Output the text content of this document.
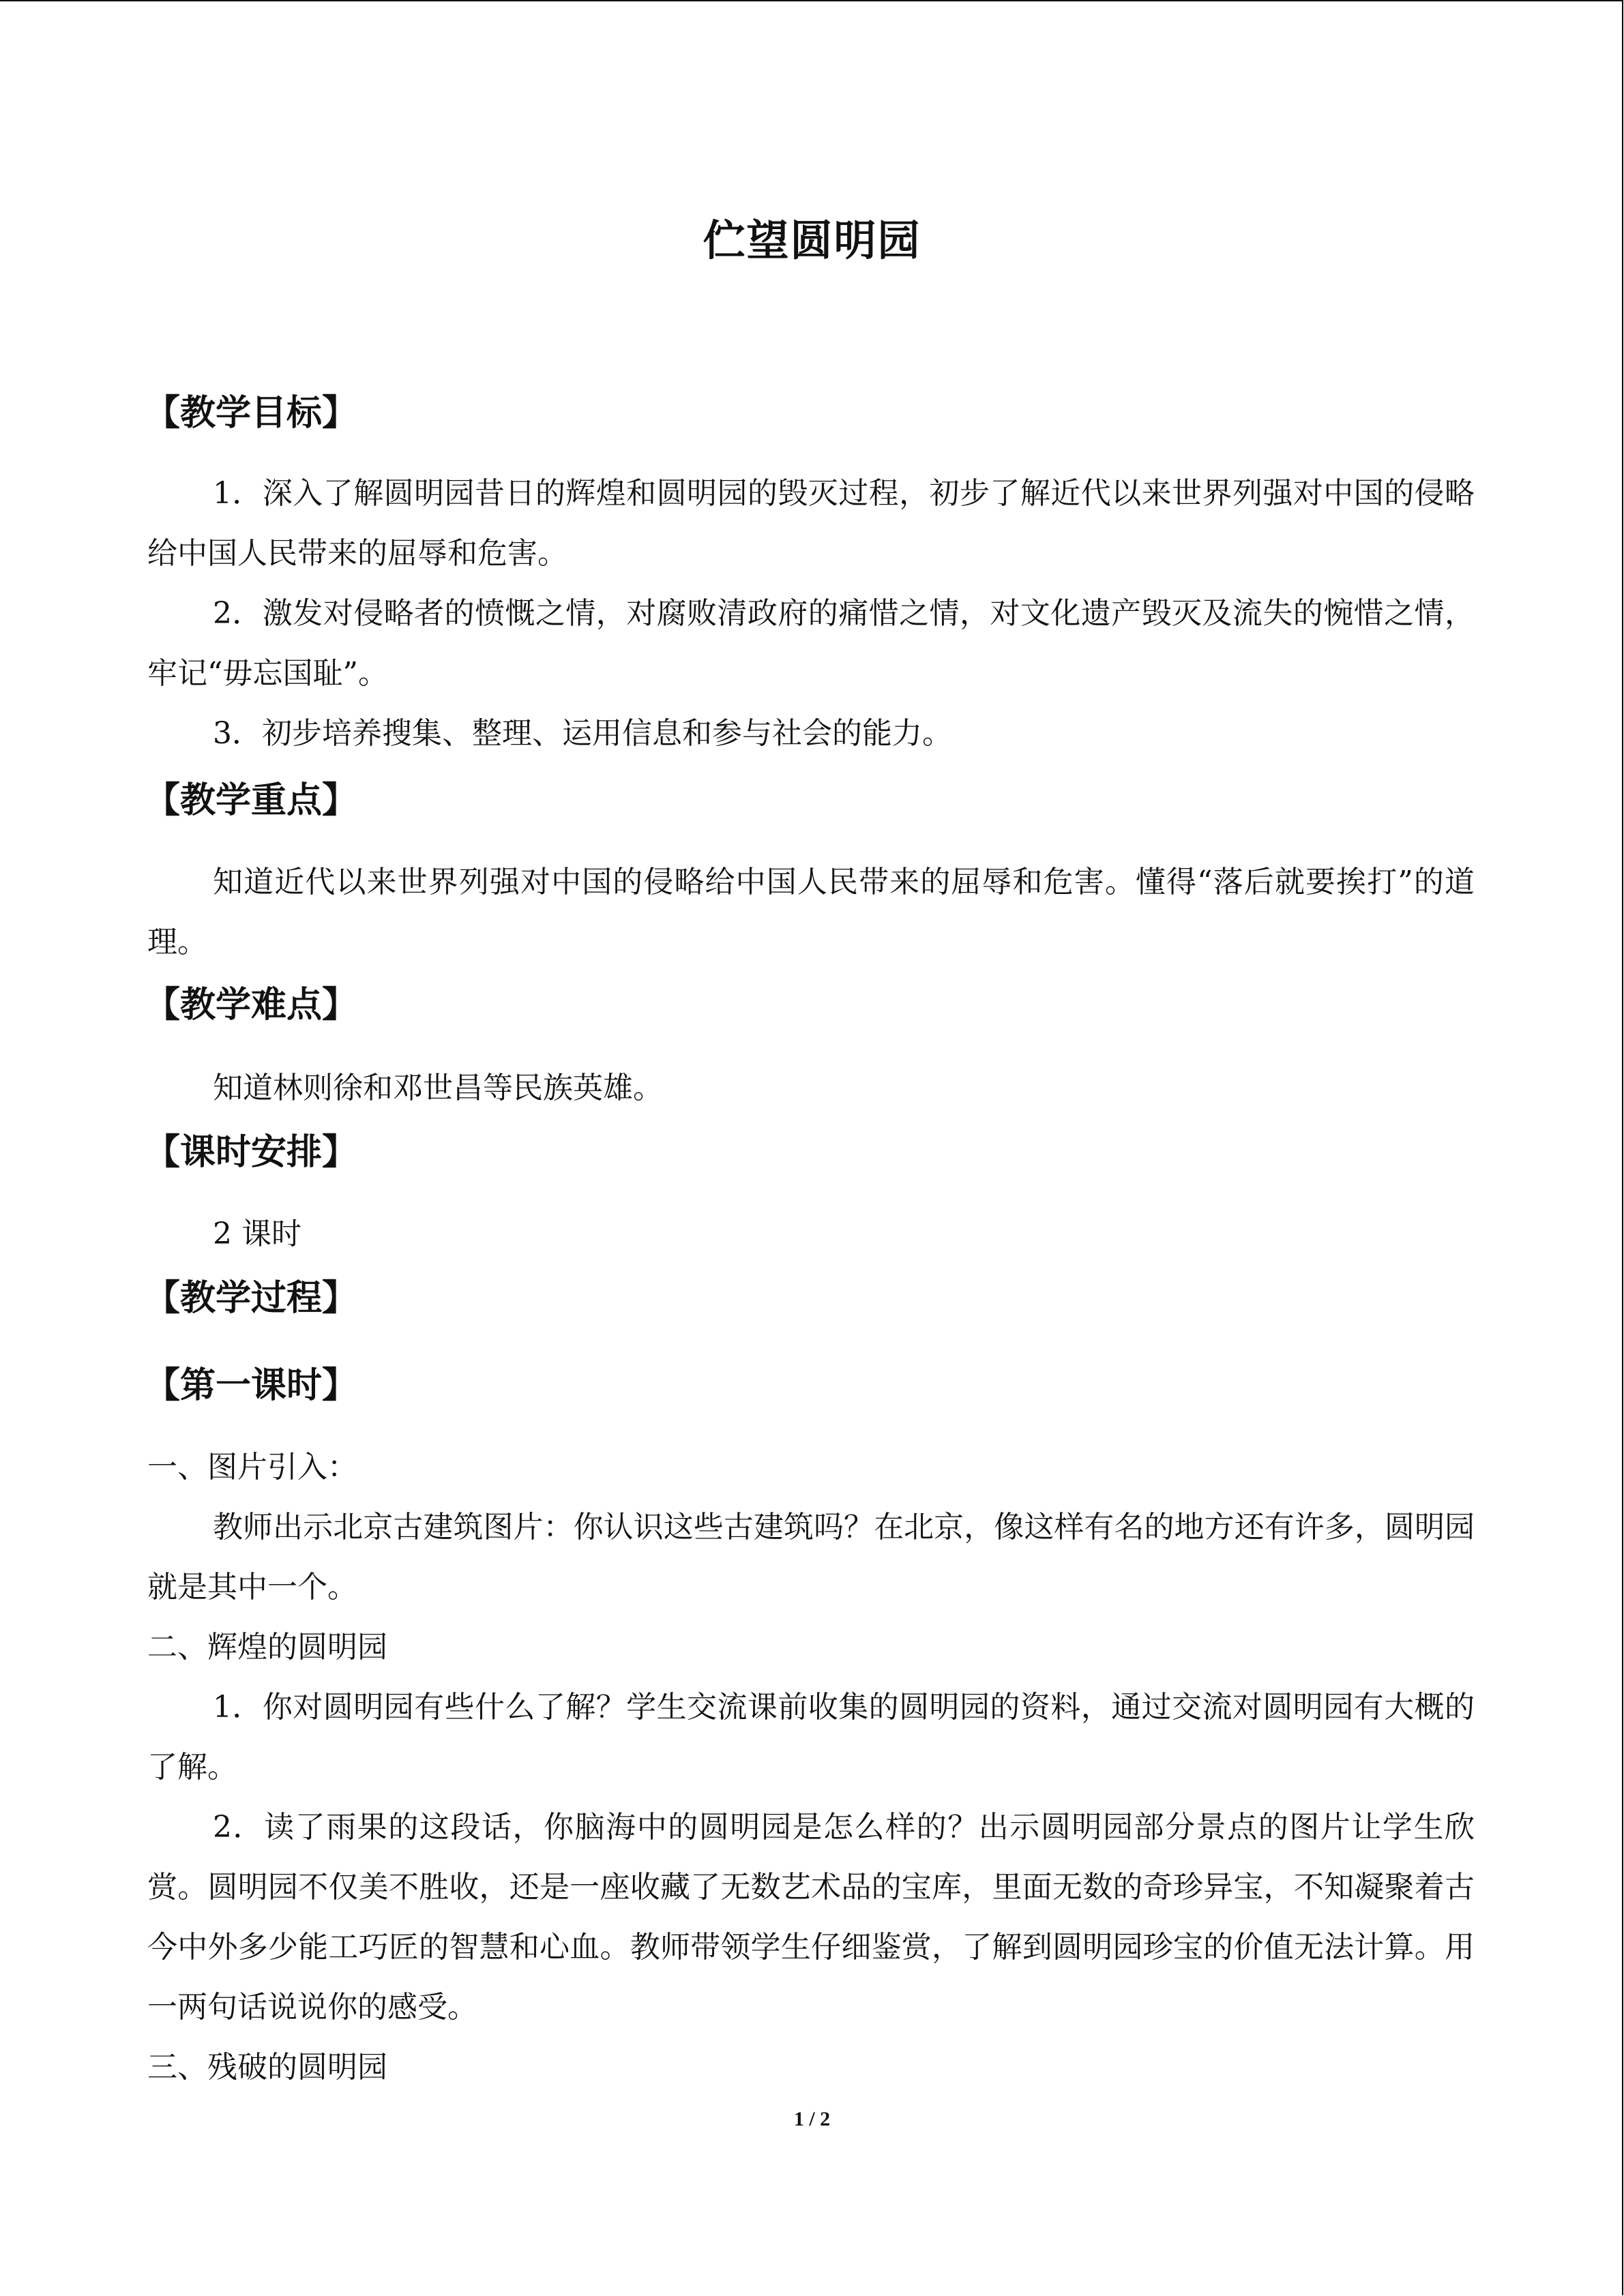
伫望圆明园
【教学目标】
1．深入了解圆明园昔日的辉煌和圆明园的毁灭过程，初步了解近代以来世界列强对中国的侵略给中国人民带来的屈辱和危害。
2．激发对侵略者的愤慨之情，对腐败清政府的痛惜之情，对文化遗产毁灭及流失的惋惜之情，牢记“毋忘国耻”。
3．初步培养搜集、整理、运用信息和参与社会的能力。
【教学重点】
知道近代以来世界列强对中国的侵略给中国人民带来的屈辱和危害。懂得“落后就要挨打”的道理。
【教学难点】
知道林则徐和邓世昌等民族英雄。
【课时安排】
2 课时
【教学过程】
【第一课时】
一、图片引入：
教师出示北京古建筑图片：你认识这些古建筑吗？在北京，像这样有名的地方还有许多，圆明园就是其中一个。
二、辉煌的圆明园
1．你对圆明园有些什么了解？学生交流课前收集的圆明园的资料，通过交流对圆明园有大概的了解。
2．读了雨果的这段话，你脑海中的圆明园是怎么样的？出示圆明园部分景点的图片让学生欣赏。圆明园不仅美不胜收，还是一座收藏了无数艺术品的宝库，里面无数的奇珍异宝，不知凝聚着古今中外多少能工巧匠的智慧和心血。教师带领学生仔细鉴赏，了解到圆明园珍宝的价值无法计算。用一两句话说说你的感受。
三、残破的圆明园
1 / 2
